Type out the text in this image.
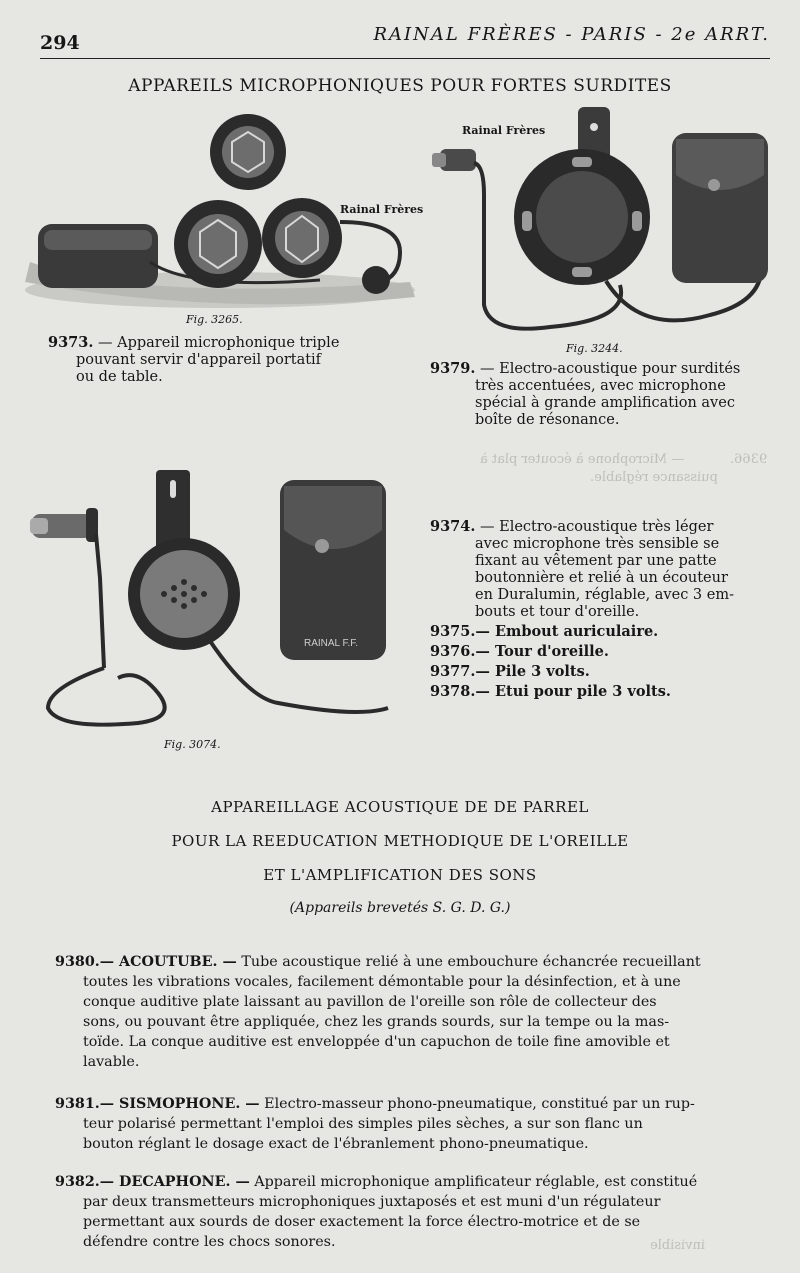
— Microphone à écouter plat à
puissance réglable.
9366.
invisible
294	RAINAL FRÈRES - PARIS - 2e ARRT.
APPAREILS MICROPHONIQUES POUR FORTES SURDITES
Rainal Frères
Fig. 3265.
Rainal Frères
Fig. 3244.
9373. — Appareil microphonique triple
pouvant servir d'appareil portatif
ou de table.	9379. — Electro-acoustique pour surdités
très accentuées, avec microphone
spécial à grande amplification avec
boîte de résonance.
RAINAL F.F.
Fig. 3074.
9374. — Electro-acoustique très léger
avec microphone très sensible se
fixant au vêtement par une patte
boutonnière et relié à un écouteur
en Duralumin, réglable, avec 3 em-
bouts et tour d'oreille.
9375.— Embout auriculaire.
9376.— Tour d'oreille.
9377.— Pile 3 volts.
9378.— Etui pour pile 3 volts.
APPAREILLAGE ACOUSTIQUE DE DE PARREL
POUR LA REEDUCATION METHODIQUE DE L'OREILLE
ET L'AMPLIFICATION DES SONS
(Appareils brevetés S. G. D. G.)
9380.— ACOUTUBE. — Tube acoustique relié à une embouchure échancrée recueillant
toutes les vibrations vocales, facilement démontable pour la désinfection, et à une
conque auditive plate laissant au pavillon de l'oreille son rôle de collecteur des
sons, ou pouvant être appliquée, chez les grands sourds, sur la tempe ou la mas-
toïde. La conque auditive est enveloppée d'un capuchon de toile fine amovible et
lavable.
9381.— SISMOPHONE. — Electro-masseur phono-pneumatique, constitué par un rup-
teur polarisé permettant l'emploi des simples piles sèches, a sur son flanc un
bouton réglant le dosage exact de l'ébranlement phono-pneumatique.
9382.— DECAPHONE. — Appareil microphonique amplificateur réglable, est constitué
par deux transmetteurs microphoniques juxtaposés et est muni d'un régulateur
permettant aux sourds de doser exactement la force électro-motrice et de se
défendre contre les chocs sonores.
